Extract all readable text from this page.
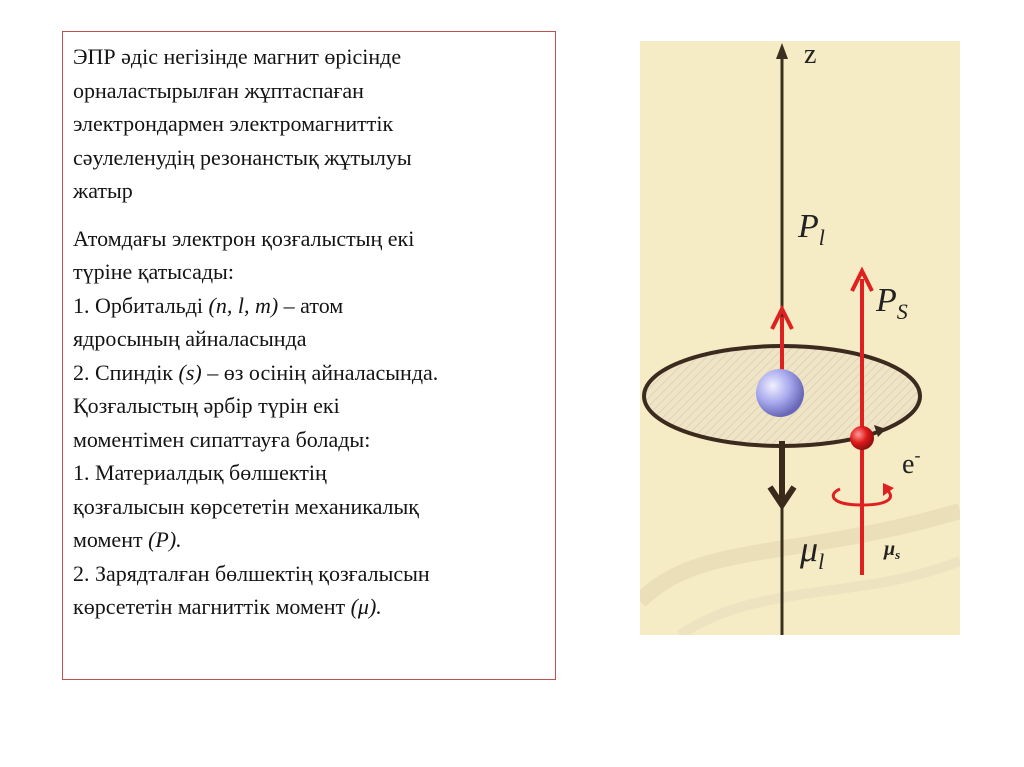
ЭПР әдіс негізінде магнит өрісінде
орналастырылған жұптаспаған
электрондармен электромагниттік
сәулеленудің резонанстық жұтылуы
жатыр
Атомдағы электрон қозғалыстың екі
түріне қатысады:
1. Орбитальді (n, l, m) – атом
ядросының айналасында
2. Спиндік (s) – өз осінің айналасында.
Қозғалыстың әрбір түрін екі
моментімен сипаттауға болады:
1. Материалдық бөлшектің
қозғалысын көрсететін механикалық
момент (Р).
2. Зарядталған бөлшектің қозғалысын
көрсететін магниттік момент (μ).
z
$P_l$
$P_S$
e-
$\mu_l$	$\mu_s$
